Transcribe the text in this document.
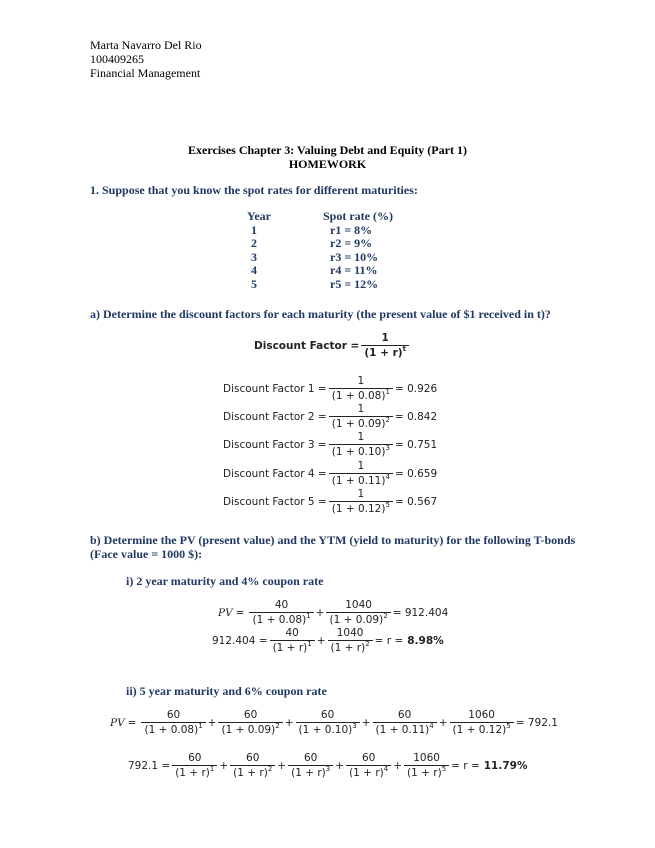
Marta Navarro Del Rio
100409265
Financial Management
Exercises Chapter 3: Valuing Debt and Equity (Part 1)
HOMEWORK
1. Suppose that you know the spot rates for different maturities:
Year	Spot rate (%)
1	r1 = 8%
2	r2 = 9%
3	r3 = 10%
4	r4 = 11%
5	r5 = 12%
a) Determine the discount factors for each maturity (the present value of $1 received in t)?
Discount Factor = $\frac{1}{(1 + r)^t}$
Discount Factor $1 = \frac{1}{(1 + 0.08)^1} = 0.926$
Discount Factor $2 = \frac{1}{(1 + 0.09)^2} = 0.842$
Discount Factor $3 = \frac{1}{(1 + 0.10)^3} = 0.751$
Discount Factor $4 = \frac{1}{(1 + 0.11)^4} = 0.659$
Discount Factor $5 = \frac{1}{(1 + 0.12)^5} = 0.567$
b) Determine the PV (present value) and the YTM (yield to maturity) for the following T-bonds
(Face value = 1000 $):
i) 2 year maturity and 4% coupon rate
PV = $\frac{40}{(1 + 0.08)^1} + \frac{1040}{(1 + 0.09)^2} = 912.404$
$912.404 = \frac{40}{(1 + r)^1} + \frac{1040}{(1 + r)^2} = r = 8.98\%$
ii) 5 year maturity and 6% coupon rate
PV = $\frac{60}{(1 + 0.08)^1} + \frac{60}{(1 + 0.09)^2} + \frac{60}{(1 + 0.10)^3} + \frac{60}{(1 + 0.11)^4} + \frac{1060}{(1 + 0.12)^5} = 792.1$
$792.1 = \frac{60}{(1 + r)^1} + \frac{60}{(1 + r)^2} + \frac{60}{(1 + r)^3} + \frac{60}{(1 + r)^4} + \frac{1060}{(1 + r)^5} = r = 11.79\%$
